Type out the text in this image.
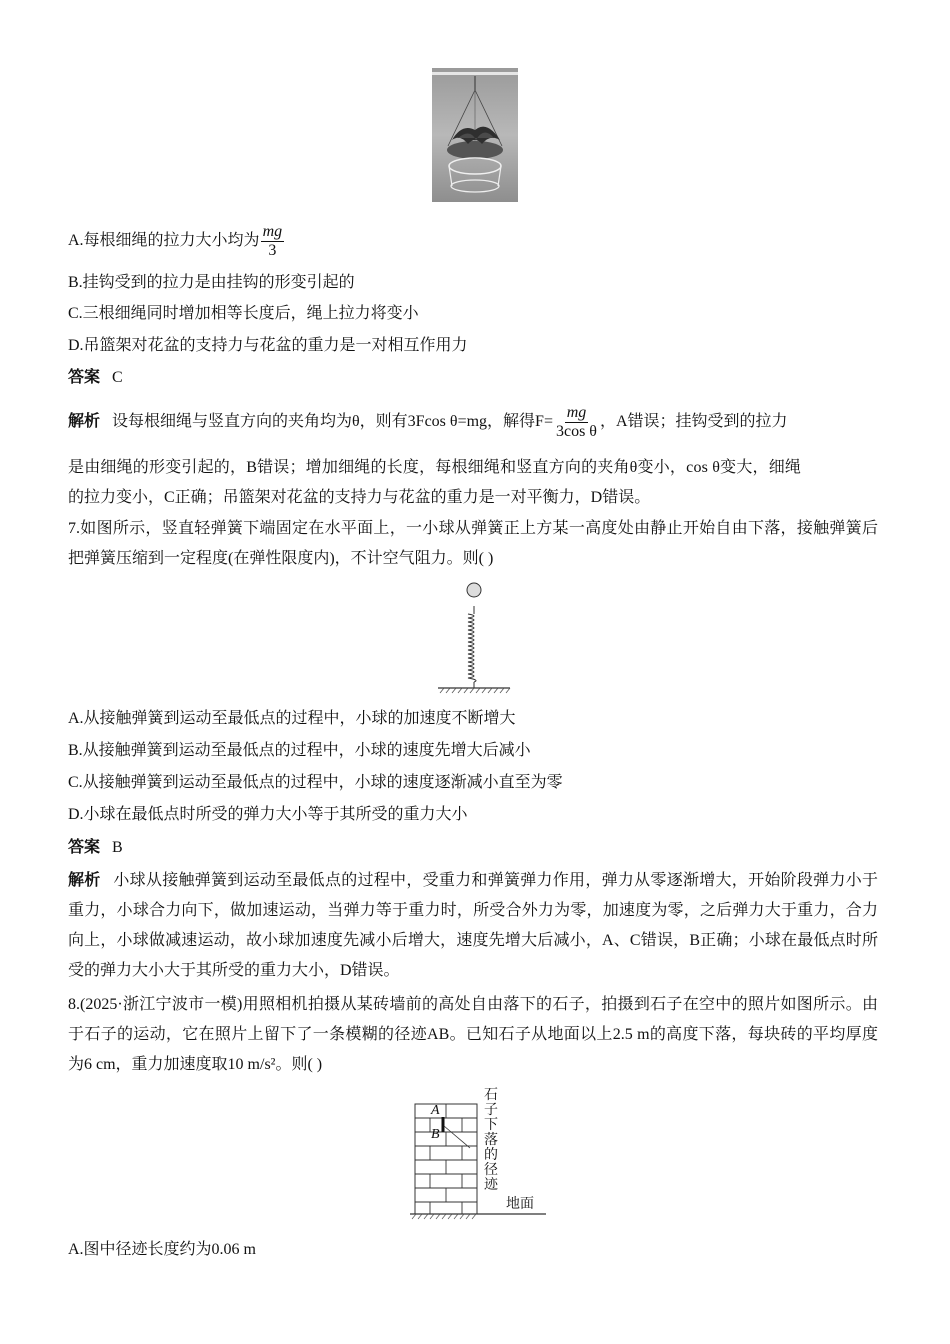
A.每根细绳的拉力大小均为 $\frac{mg}{3}$
B.挂钩受到的拉力是由挂钩的形变引起的
C.三根细绳同时增加相等长度后，绳上拉力将变小
D.吊篮架对花盆的支持力与花盆的重力是一对相互作用力
答案 C
解析 设每根细绳与竖直方向的夹角均为θ，则有3Fcos θ=mg，解得$F= \frac{mg}{\text{3cos θ}}$ ，A错误；挂钩受到的拉力
是由细绳的形变引起的，B错误；增加细绳的长度，每根细绳和竖直方向的夹角θ变小，cos θ变大，细绳
的拉力变小，C正确；吊篮架对花盆的支持力与花盆的重力是一对平衡力，D错误。
7.如图所示，竖直轻弹簧下端固定在水平面上，一小球从弹簧正上方某一高度处由静止开始自由下落，接触弹簧后把弹簧压缩到一定程度(在弹性限度内)，不计空气阻力。则( )
A.从接触弹簧到运动至最低点的过程中，小球的加速度不断增大
B.从接触弹簧到运动至最低点的过程中，小球的速度先增大后减小
C.从接触弹簧到运动至最低点的过程中，小球的速度逐渐减小直至为零
D.小球在最低点时所受的弹力大小等于其所受的重力大小
答案 B
解析 小球从接触弹簧到运动至最低点的过程中，受重力和弹簧弹力作用，弹力从零逐渐增大，开始阶段弹力小于重力，小球合力向下，做加速运动，当弹力等于重力时，所受合外力为零，加速度为零，之后弹力大于重力，合力向上，小球做减速运动，故小球加速度先减小后增大，速度先增大后减小，A、C错误，B正确；小球在最低点时所受的弹力大小大于其所受的重力大小，D错误。
8.(2025·浙江宁波市一模)用照相机拍摄从某砖墙前的高处自由落下的石子，拍摄到石子在空中的照片如图所示。由于石子的运动，它在照片上留下了一条模糊的径迹AB。已知石子从地面以上2.5 m的高度下落，每块砖的平均厚度为6 cm，重力加速度取10 m/s²。则( )
A
B
石子下落的径迹
地面
A.图中径迹长度约为0.06 m
